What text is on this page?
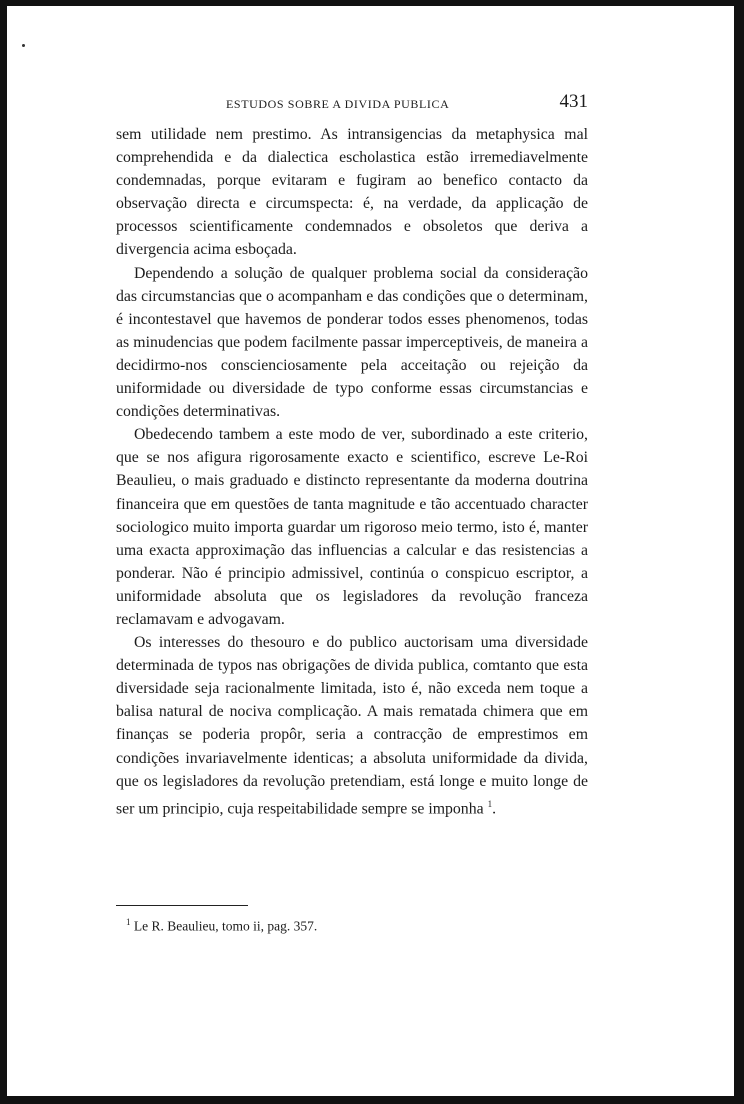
ESTUDOS SOBRE A DIVIDA PUBLICA	431

sem utilidade nem prestimo. As intransigencias da metaphysica mal comprehendida e da dialectica escholastica estão irremediavelmente condemnadas, porque evitaram e fugiram ao benefico contacto da observação directa e circumspecta: é, na verdade, da applicação de processos scientificamente condemnados e obsoletos que deriva a divergencia acima esboçada.

Dependendo a solução de qualquer problema social da consideração das circumstancias que o acompanham e das condições que o determinam, é incontestavel que havemos de ponderar todos esses phenomenos, todas as minudencias que podem facilmente passar imperceptiveis, de maneira a decidirmo-nos conscienciosamente pela acceitação ou rejeição da uniformidade ou diversidade de typo conforme essas circumstancias e condições determinativas.

Obedecendo tambem a este modo de ver, subordinado a este criterio, que se nos afigura rigorosamente exacto e scientifico, escreve Le-Roi Beaulieu, o mais graduado e distincto representante da moderna doutrina financeira que em questões de tanta magnitude e tão accentuado character sociologico muito importa guardar um rigoroso meio termo, isto é, manter uma exacta approximação das influencias a calcular e das resistencias a ponderar. Não é principio admissivel, continúa o conspicuo escriptor, a uniformidade absoluta que os legisladores da revolução franceza reclamavam e advogavam.

Os interesses do thesouro e do publico auctorisam uma diversidade determinada de typos nas obrigações de divida publica, comtanto que esta diversidade seja racionalmente limitada, isto é, não exceda nem toque a balisa natural de nociva complicação. A mais rematada chimera que em finanças se poderia propôr, seria a contracção de emprestimos em condições invariavelmente identicas; a absoluta uniformidade da divida, que os legisladores da revolução pretendiam, está longe e muito longe de ser um principio, cuja respeitabilidade sempre se imponha $^1$.

$^1$ Le R. Beaulieu, tomo ii, pag. 357.
